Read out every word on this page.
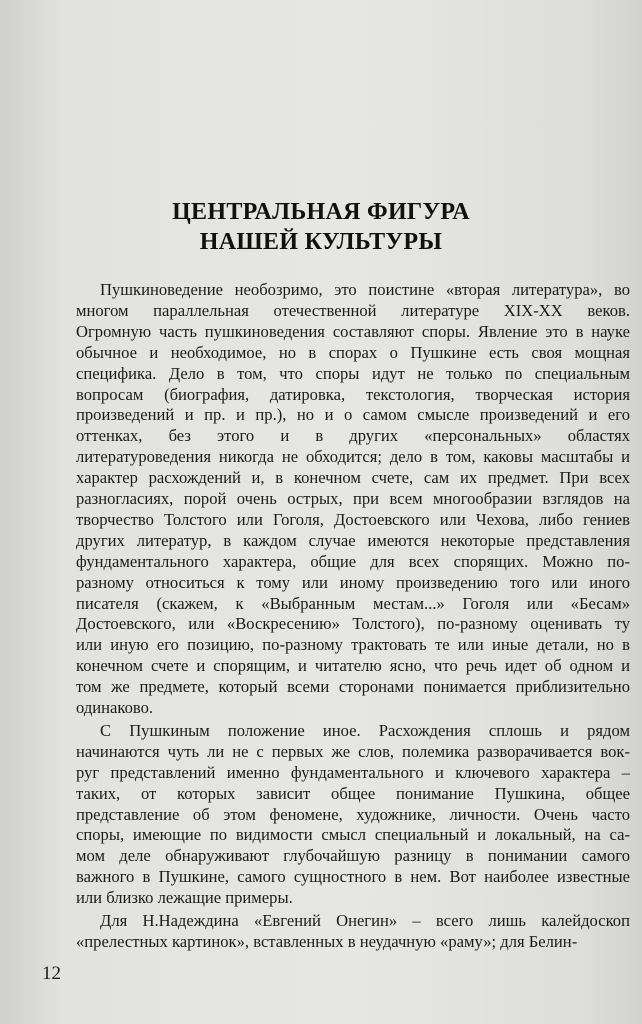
ЦЕНТРАЛЬНАЯ ФИГУРА
НАШЕЙ КУЛЬТУРЫ
Пушкиноведение необозримо, это поистине «вторая литература», во
многом параллельная отечественной литературе XIX-XX веков.
Огромную часть пушкиноведения составляют споры. Явление это в науке
обычное и необходимое, но в спорах о Пушкине есть своя мощная
специфика. Дело в том, что споры идут не только по специальным
вопросам (биография, датировка, текстология, творческая история
произведений и пр. и пр.), но и о самом смысле произведений и его
оттенках, без этого и в других «персональных» областях
литературоведения никогда не обходится; дело в том, каковы масштабы и
характер расхождений и, в конечном счете, сам их предмет. При всех
разногласиях, порой очень острых, при всем многообразии взглядов на
творчество Толстого или Гоголя, Достоевского или Чехова, либо гениев
других литератур, в каждом случае имеются некоторые представления
фундаментального характера, общие для всех спорящих. Можно по-
разному относиться к тому или иному произведению того или иного
писателя (скажем, к «Выбранным местам...» Гоголя или «Бесам»
Достоевского, или «Воскресению» Толстого), по-разному оценивать ту
или иную его позицию, по-разному трактовать те или иные детали, но в
конечном счете и спорящим, и читателю ясно, что речь идет об одном и
том же предмете, который всеми сторонами понимается приблизительно
одинаково.
С Пушкиным положение иное. Расхождения сплошь и рядом
начинаются чуть ли не с первых же слов, полемика разворачивается вок-
руг представлений именно фундаментального и ключевого характера –
таких, от которых зависит общее понимание Пушкина, общее
представление об этом феномене, художнике, личности. Очень часто
споры, имеющие по видимости смысл специальный и локальный, на са-
мом деле обнаруживают глубочайшую разницу в понимании самого
важного в Пушкине, самого сущностного в нем. Вот наиболее известные
или близко лежащие примеры.
Для Н.Надеждина «Евгений Онегин» – всего лишь калейдоскоп
«прелестных картинок», вставленных в неудачную «раму»; для Белин-
12
